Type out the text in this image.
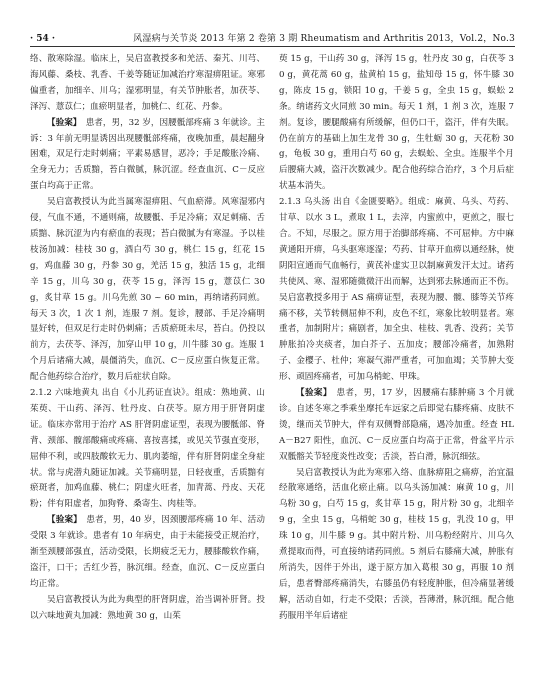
· 54 ·	风湿病与关节炎 2013 年第 2 卷第 3 期 Rheumatism and Arthritis 2013，Vol.2，No.3

络、散寒除湿。临床上，吴启富教授多和羌活、秦艽、川芎、海风藤、桑枝、乳香、千姜等随证加减治疗寒湿痹阻证。寒邪偏重者，加细辛、川乌；湿邪明显，有关节肿胀者，加茯苓、泽泻、薏苡仁；血瘀明显者，加桃仁、红花、丹参。

【验案】　患者，男，32 岁，因腰骶部疼痛 3 年就诊。主诉：3 年前无明显诱因出现腰骶部疼痛，夜晚加重，晨起翻身困难，双足行走时刺痛；平素易感冒，恶冷；手足酸胀冷痛、全身无力；舌质黯，苔白微腻，脉沉涩。经查血沉、C－反应蛋白均高于正常。

吴启富教授认为此当属寒湿痹阻、气血瘀滞。风寒湿邪内侵，气血不通，不通则痛，故腰骶、手足冷痛；双足刺痛、舌质黯、脉沉涩为内有瘀血的表现；苔白微腻为有寒湿。予以桂枝汤加减：桂枝 30 g，酒白芍 30 g，桃仁 15 g，红花 15 g，鸡血藤 30 g，丹参 30 g，羌活 15 g，独活 15 g，北细辛 15 g，川乌 30 g，茯苓 15 g，泽泻 15 g，薏苡仁 30 g，炙甘草 15 g。川乌先煎 30 ~ 60 min，再纳诸药同煎。每天 3 次，1 次 1 剂，连服 7 剂。复诊，腰部、手足冷痛明显好转，但双足行走时仍刺痛；舌质瘀斑未尽，苔白。仍投以前方，去茯苓、泽泻，加穿山甲 10 g，川牛膝 30 g。连服 1 个月后诸痛大减，晨僵消失，血沉、C－反应蛋白恢复正常。配合他药综合治疗，数月后症状自除。

2.1.2 六味地黄丸 出自《小儿药证直诀》。组成：熟地黄、山茱萸、干山药、泽泻、牡丹皮、白茯苓。原方用于肝肾阴虚证。临床亦常用于治疗 AS 肝肾阴虚证型，表现为腰骶部、脊背、颈部、髋部酸痛或疼痛、喜按喜揉，或见关节强直变形，屈伸不利，或四肢酸软无力、肌肉萎缩，伴有肝肾阴虚全身症状。常与虎潜丸随证加减。关节痛明显，日轻夜重，舌质黯有瘀斑者，加鸡血藤、桃仁；阴虚火旺者，加青蒿、丹皮、天花粉；伴有阳虚者，加狗脊、桑寄生、肉桂等。

【验案】　患者，男，40 岁，因颈腰部疼痛 10 年、活动受限 3 年就诊。患者有 10 年病史，由于未能接受正规治疗，渐至颈腰部强直，活动受限，长期疲乏无力，腰膝酸软作痛，盗汗，口干；舌红少苔，脉沉细。经查，血沉、C－反应蛋白均正常。

吴启富教授认为此为典型的肝肾阴虚，治当调补肝肾。投以六味地黄丸加减：熟地黄 30 g，山茱

萸 15 g，干山药 30 g，泽泻 15 g，牡丹皮 30 g，白茯苓 30 g，黄花蒿 60 g，盐黄柏 15 g，盐知母 15 g，怀牛膝 30 g，陈皮 15 g，锁阳 10 g，千姜 5 g，全虫 15 g，蜈蚣 2 条。纳诸药文火同煎 30 min。每天 1 剂，1 剂 3 次，连服 7 剂。复诊，腰腿酸痛有所缓解，但仍口干，盗汗，伴有失眠。仍在前方的基础上加生龙骨 30 g，生牡蛎 30 g，天花粉 30 g，龟板 30 g，重用白芍 60 g，去蜈蚣、全虫。连服半个月后腰痛大减，盗汗次数减少。配合他药综合治疗，3 个月后症状基本消失。

2.1.3 乌头汤 出自《金匮要略》。组成：麻黄、乌头、芍药、甘草、以水 3 L，煮取 1 L，去滓，内蜜煎中，更煎之，服七合。不知，尽服之。原方用于治脚部疼痛、不可屈伸。方中麻黄通阳开痹，乌头驱寒逐湿；芍药、甘草开血痹以通经脉，使阴阳宣通而气血畅行，黄芪补虚实卫以制麻黄发汗太过。诸药共使风、寒、湿邪随微微汗出而解，达到邪去脉通而正不伤。吴启富教授多用于 AS 痛痹证型，表现为腰、髋、膝等关节疼痛不移，关节转侧屈伸不利，皮色不红，寒象比较明显者。寒重者，加制附片；痛剧者，加全虫、桂枝、乳香、没药；关节肿胀拍冷夹痰者，加白芥子、五加皮；腰部冷痛者，加熟附子、金樱子、杜仲；寒凝气滞严重者，可加血竭；关节肿大变形、顽固疼痛者，可加乌梢蛇、甲珠。

【验案】　患者，男，17 岁，因腰痛右膝肿痛 3 个月就诊。自述冬寒之季乘坐摩托车远家之后即觉右膝疼痛、皮肤不烫，继而关节肿大，伴有双侧臀部隐痛，遇冷加重。经查 HLA－B27 阳性，血沉、C－反应蛋白均高于正常，骨盆平片示双骶髂关节轻度炎性改变；舌淡，苔白滑，脉沉细弦。

吴启富教授认为此为寒邪入络、血脉痹阻之痛痹，治宜温经散寒通络，活血化瘀止痛。以乌头汤加减：麻黄 10 g，川乌粉 30 g，白芍 15 g，炙甘草 15 g，附片粉 30 g，北细辛 9 g，全虫 15 g，乌梢蛇 30 g，桂枝 15 g，乳没 10 g，甲珠 10 g，川牛膝 9 g。其中附片粉、川乌粉经附片、川乌久煮提取而得，可直接纳诸药同煎。5 剂后右膝痛大减，肿胀有所消失，因伴于外出，遂于原方加入葛根 30 g，再服 10 剂后，患者臀部疼痛消失，右膝虽仍有轻度肿胀，但冷痛显著缓解，活动自如，行走不受限；舌淡，苔薄滑，脉沉细。配合他药服用半年后诸症
